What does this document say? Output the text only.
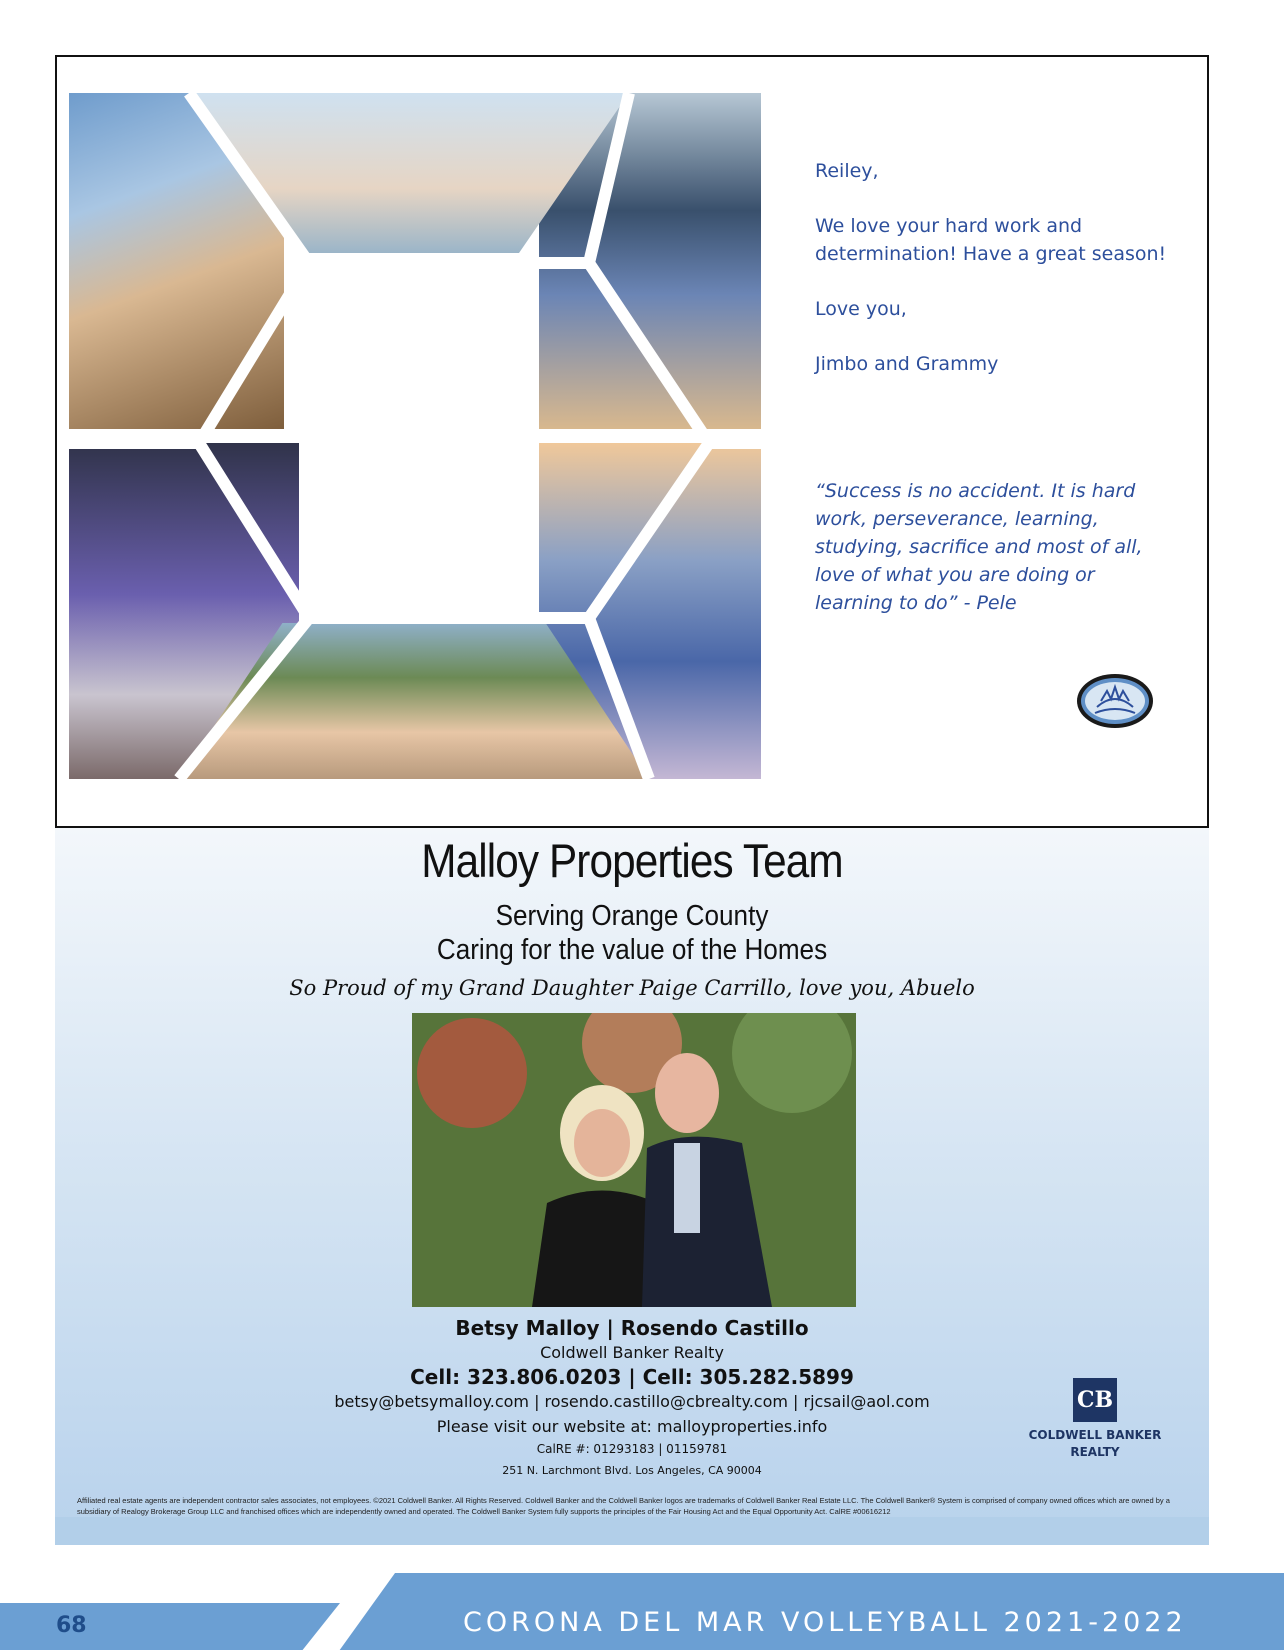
Reiley,

We love your hard work and determination! Have a great season!

Love you,

Jimbo and Grammy

“Success is no accident. It is hard work, perseverance, learning, studying, sacrifice and most of all, love of what you are doing or learning to do” - Pele
Malloy Properties Team
Serving Orange County
Caring for the value of the Homes
So Proud of my Grand Daughter Paige Carrillo, love you, Abuelo
Betsy Malloy | Rosendo Castillo
Coldwell Banker Realty
Cell: 323.806.0203 | Cell: 305.282.5899
betsy@betsymalloy.com | rosendo.castillo@cbrealty.com | rjcsail@aol.com
Please visit our website at: malloyproperties.info
CalRE #: 01293183 | 01159781
251 N. Larchmont Blvd. Los Angeles, CA 90004
CB
COLDWELL BANKER
REALTY
Affiliated real estate agents are independent contractor sales associates, not employees. ©2021 Coldwell Banker. All Rights Reserved. Coldwell Banker and the Coldwell Banker logos are trademarks of Coldwell Banker Real Estate LLC. The Coldwell Banker® System is comprised of company owned offices which are owned by a subsidiary of Realogy Brokerage Group LLC and franchised offices which are independently owned and operated. The Coldwell Banker System fully supports the principles of the Fair Housing Act and the Equal Opportunity Act. CalRE #00616212
68	CORONA DEL MAR VOLLEYBALL 2021-2022
